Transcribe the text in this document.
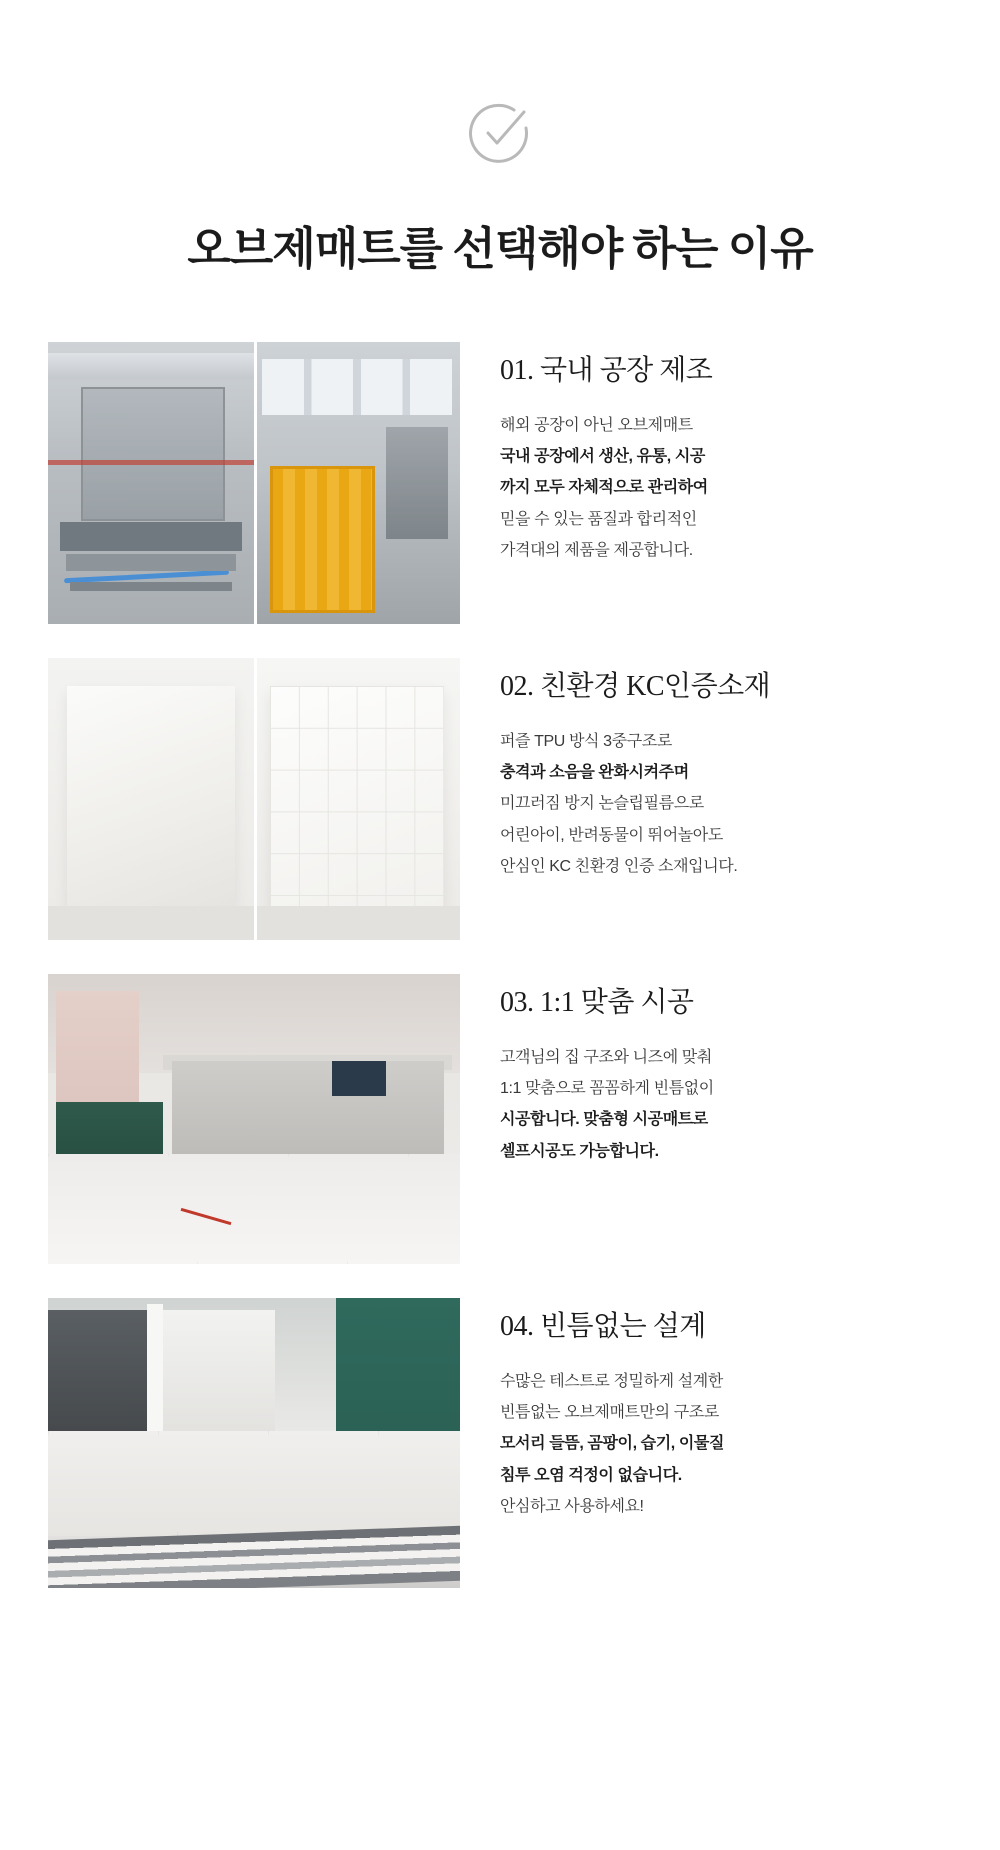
오브제매트를 선택해야 하는 이유
01. 국내 공장 제조
해외 공장이 아닌 오브제매트
국내 공장에서 생산, 유통, 시공
까지 모두 자체적으로 관리하여
믿을 수 있는 품질과 합리적인
가격대의 제품을 제공합니다.
02. 친환경 KC인증소재
퍼즐 TPU 방식 3중구조로
충격과 소음을 완화시켜주며
미끄러짐 방지 논슬립필름으로
어린아이, 반려동물이 뛰어놀아도
안심인 KC 친환경 인증 소재입니다.
03. 1:1 맞춤 시공
고객님의 집 구조와 니즈에 맞춰
1:1 맞춤으로 꼼꼼하게 빈틈없이
시공합니다. 맞춤형 시공매트로
셀프시공도 가능합니다.
04. 빈틈없는 설계
수많은 테스트로 정밀하게 설계한
빈틈없는 오브제매트만의 구조로
모서리 들뜸, 곰팡이, 습기, 이물질
침투 오염 걱정이 없습니다.
안심하고 사용하세요!
